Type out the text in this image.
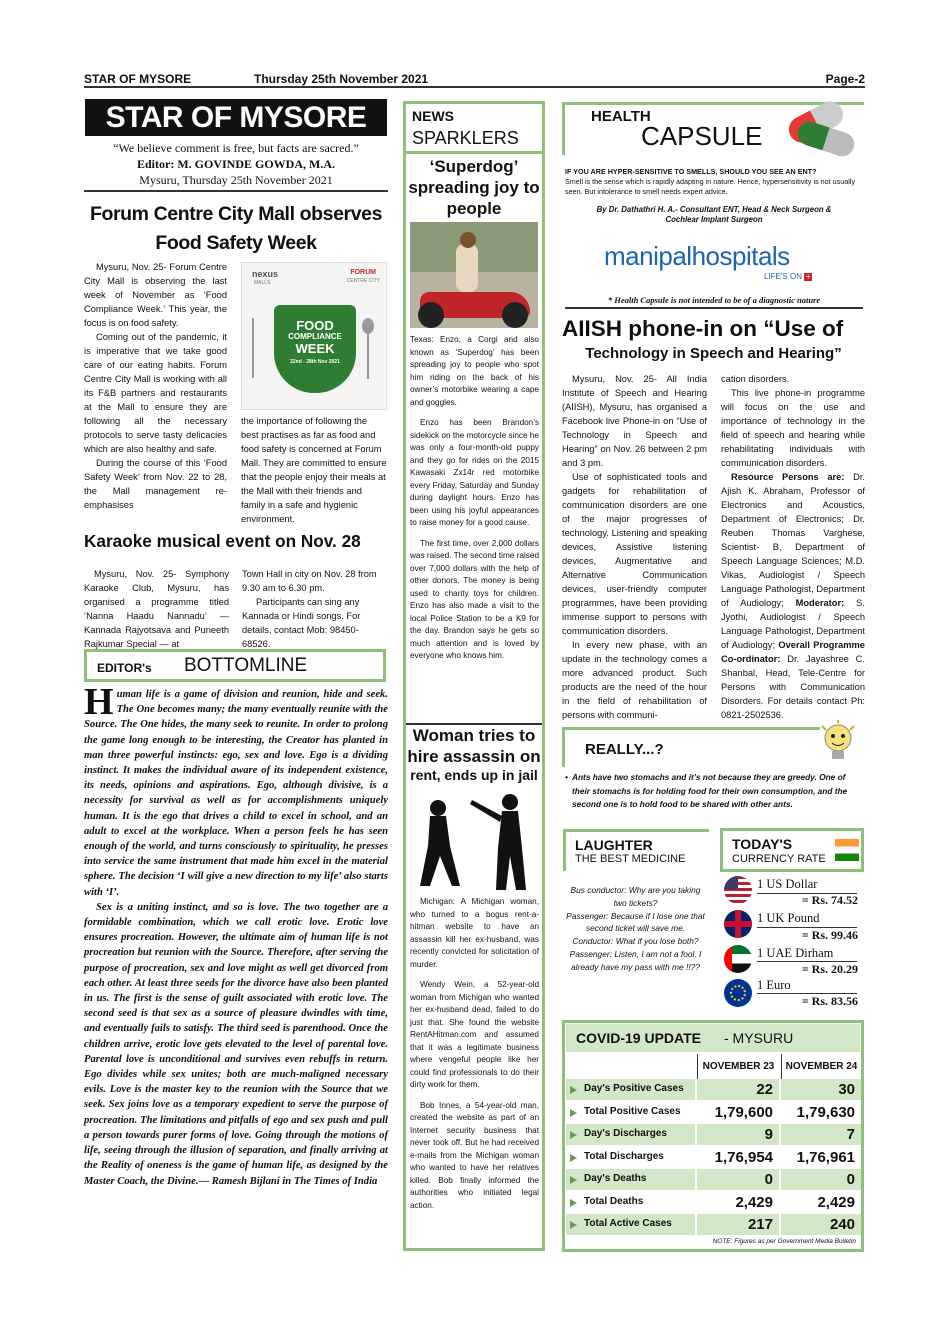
STAR OF MYSORE	Thursday 25th November 2021	Page-2
STAR OF MYSORE
“We believe comment is free, but facts are sacred.”
Editor: M. GOVINDE GOWDA, M.A.
Mysuru, Thursday 25th November 2021
Forum Centre City Mall observes
Food Safety Week

Mysuru, Nov. 25- Forum Centre City Mall is observing the last week of November as ‘Food Compliance Week.’ This year, the focus is on food safety.

Coming out of the pandemic, it is imperative that we take good care of our eating habits. Forum Centre City Mall is working with all its F&B partners and restaurants at the Mall to ensure they are following all the necessary protocols to serve tasty delicacies which are also healthy and safe.

During the course of this ‘Food Safety Week’ from Nov. 22 to 28, the Mall management re-emphasises

nexus
MALLS
FORUM
CENTRE CITY
FOOD
COMPLIANCE
WEEK
22nd - 28th Nov 2021
the importance of following the best practises as far as food and food safety is concerned at Forum Mall. They are committed to ensure that the people enjoy their meals at the Mall with their friends and family in a safe and hygienic environment.
Karaoke musical event on Nov. 28
Mysuru, Nov. 25- Symphony Karaoke Club, Mysuru, has organised a programme titled ‘Nanna Haadu Nannadu’ — Kannada Rajyotsava and Puneeth Rajkumar Special — at

Town Hall in city on Nov. 28 from 9.30 am to 6.30 pm.

Participants can sing any Kannada or Hindi songs. For details, contact Mob: 98450-68526.

EDITOR's BOTTOMLINE

Human life is a game of division and reunion, hide and seek. The One becomes many; the many eventually reunite with the Source. The One hides, the many seek to reunite. In order to prolong the game long enough to be interesting, the Creator has planted in man three powerful instincts: ego, sex and love. Ego is a dividing instinct. It makes the individual aware of its independent existence, its needs, opinions and aspirations. Ego, although divisive, is a necessity for survival as well as for accomplishments uniquely human. It is the ego that drives a child to excel in school, and an adult to excel at the workplace. When a person feels he has seen enough of the world, and turns consciously to spirituality, he presses into service the same instrument that made him excel in the material sphere. The decision ‘I will give a new direction to my life’ also starts with ‘I’.

Sex is a uniting instinct, and so is love. The two together are a formidable combination, which we call erotic love. Erotic love ensures procreation. However, the ultimate aim of human life is not procreation but reunion with the Source. Therefore, after serving the purpose of procreation, sex and love might as well get divorced from each other. At least three seeds for the divorce have also been planted in us. The first is the sense of guilt associated with erotic love. The second seed is that sex as a source of pleasure dwindles with time, and eventually fails to satisfy. The third seed is parenthood. Once the children arrive, erotic love gets elevated to the level of parental love. Parental love is unconditional and survives even rebuffs in return. Ego divides while sex unites; both are much-maligned necessary evils. Love is the master key to the reunion with the Source that we seek. Sex joins love as a temporary expedient to serve the purpose of procreation. The limitations and pitfalls of ego and sex push and pull a person towards purer forms of love. Going through the motions of life, seeing through the illusion of separation, and finally arriving at the Reality of oneness is the game of human life, as designed by the Master Coach, the Divine.— Ramesh Bijlani in The Times of India

NEWS
SPARKLERS
‘Superdog’ spreading joy to people

Texas: Enzo, a Corgi and also known as ‘Superdog’ has been spreading joy to people who spot him riding on the back of his owner’s motorbike wearing a cape and goggles.

Enzo has been Brandon’s sidekick on the motorcycle since he was only a four-month-old puppy and they go for rides on the 2015 Kawasaki Zx14r red motorbike every Friday, Saturday and Sunday during daylight hours. Enzo has been using his joyful appearances to raise money for a good cause.

The first time, over 2,000 dollars was raised. The second time raised over 7,000 dollars with the help of other donors. The money is being used to charity toys for children. Enzo has also made a visit to the local Police Station to be a K9 for the day. Brandon says he gets so much attention and is loved by everyone who knows him.

Woman tries to hire assassin on
rent, ends up in jail

Michigan: A Michigan woman, who turned to a bogus rent-a-hitman website to have an assassin kill her ex-husband, was recently convicted for solicitation of murder.

Wendy Wein, a 52-year-old woman from Michigan who wanted her ex-husband dead, failed to do just that. She found the website RentAHitman.com and assumed that it was a legitimate business where vengeful people like her could find professionals to do their dirty work for them.

Bob Innes, a 54-year-old man, created the website as part of an Internet security business that never took off. But he had received e-mails from the Michigan woman who wanted to have her relatives killed. Bob finally informed the authorities who initiated legal action.

HEALTH
CAPSULE
IF YOU ARE HYPER-SENSITIVE TO SMELLS, SHOULD YOU SEE AN ENT?
Smell is the sense which is rapidly adapting in nature. Hence, hypersensitivity is not usually seen. But intolerance to smell needs expert advice.
By Dr. Dathathri H. A.- Consultant ENT, Head & Neck Surgeon & Cochlear Implant Surgeon
manipalhospitals
LIFE'S ON +
* Health Capsule is not intended to be of a diagnostic nature
AIISH phone-in on “Use of
Technology in Speech and Hearing”

Mysuru, Nov. 25- All India Institute of Speech and Hearing (AIISH), Mysuru, has organised a Facebook live Phone-in on “Use of Technology in Speech and Hearing” on Nov. 26 between 2 pm and 3 pm.

Use of sophisticated tools and gadgets for rehabilitation of communication disorders are one of the major progresses of technology. Listening and speaking devices, Assistive listening devices, Augmentative and Alternative Communication devices, user-friendly computer programmes, have been providing immense support to persons with communication disorders.

In every new phase, with an update in the technology comes a more advanced product. Such products are the need of the hour in the field of rehabilitation of persons with communi-

cation disorders.

This live phone-in programme will focus on the use and importance of technology in the field of speech and hearing while rehabilitating individuals with communication disorders.

Resource Persons are: Dr. Ajish K. Abraham, Professor of Electronics and Acoustics, Department of Electronics; Dr. Reuben Thomas Varghese, Scientist- B, Department of Speech Language Sciences; M.D. Vikas, Audiologist / Speech Language Pathologist, Department of Audiology; Moderator: S. Jyothi, Audiologist / Speech Language Pathologist, Department of Audiology; Overall Programme Co-ordinator: Dr. Jayashree C. Shanbal, Head, Tele-Centre for Persons with Communication Disorders. For details contact Ph: 0821-2502536.

REALLY...?
• Ants have two stomachs and it’s not because they are greedy. One of their stomachs is for holding food for their own consumption, and the second one is to hold food to be shared with other ants.
LAUGHTER
THE BEST MEDICINE
Bus conductor: Why are you taking two tickets?
Passenger: Because if I lose one that second ticket will save me.
Conductor: What if you lose both?
Passenger: Listen, I am not a fool. I already have my pass with me !!??
TODAY'S
CURRENCY RATE
1 US Dollar
= Rs. 74.52
1 UK Pound
= Rs. 99.46
1 UAE Dirham
= Rs. 20.29
1 Euro
= Rs. 83.56
COVID-19 UPDATE - MYSURU
NOVEMBER 23	NOVEMBER 24
Day's Positive Cases	22	30
Total Positive Cases	1,79,600	1,79,630
Day's Discharges	9	7
Total Discharges	1,76,954	1,76,961
Day's Deaths	0	0
Total Deaths	2,429	2,429
Total Active Cases	217	240
NOTE: Figures as per Government Media Bulletin
